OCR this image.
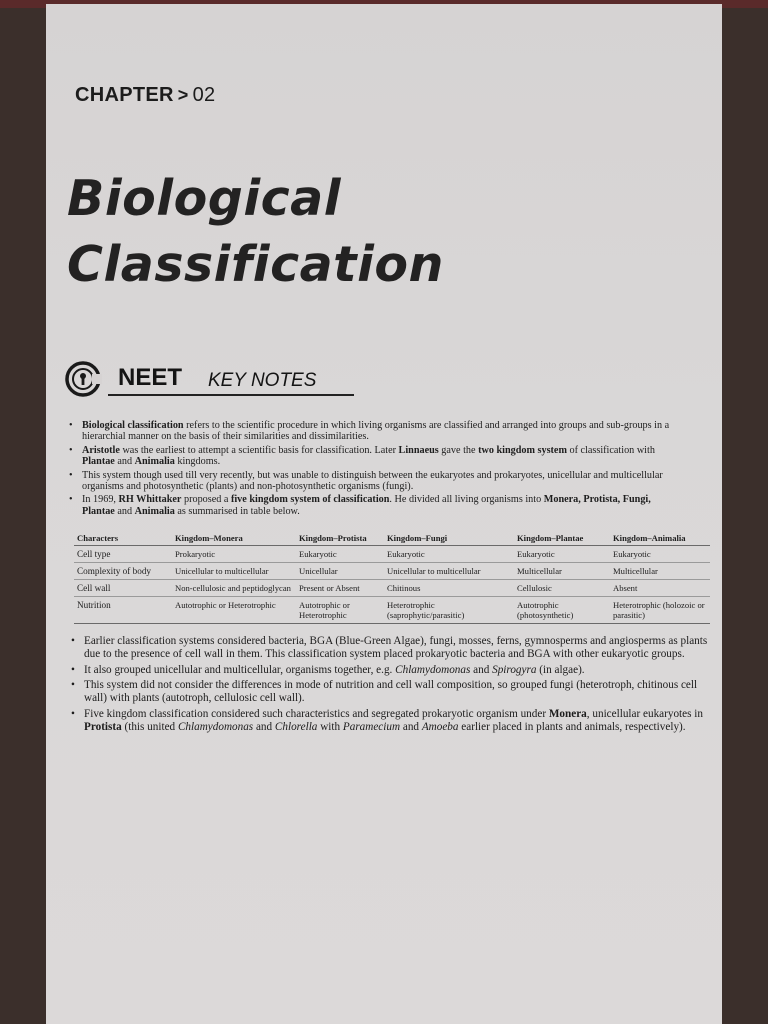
CHAPTER > 02
Biological
Classification
NEET KEY NOTES
• Biological classification refers to the scientific procedure in which living organisms are classified and arranged into groups and sub-groups in a hierarchial manner on the basis of their similarities and dissimilarities.
• Aristotle was the earliest to attempt a scientific basis for classification. Later Linnaeus gave the two kingdom system of classification with Plantae and Animalia kingdoms.
• This system though used till very recently, but was unable to distinguish between the eukaryotes and prokaryotes, unicellular and multicellular organisms and photosynthetic (plants) and non-photosynthetic organisms (fungi).
• In 1969, RH Whittaker proposed a five kingdom system of classification. He divided all living organisms into Monera, Protista, Fungi, Plantae and Animalia as summarised in table below.
Characters	Kingdom–Monera	Kingdom–Protista	Kingdom–Fungi	Kingdom–Plantae	Kingdom–Animalia
Cell type	Prokaryotic	Eukaryotic	Eukaryotic	Eukaryotic	Eukaryotic
Complexity of body	Unicellular to multicellular	Unicellular	Unicellular to multicellular	Multicellular	Multicellular
Cell wall	Non-cellulosic and peptidoglycan	Present or Absent	Chitinous	Cellulosic	Absent
Nutrition	Autotrophic or Heterotrophic	Autotrophic or Heterotrophic	Heterotrophic (saprophytic/parasitic)	Autotrophic (photosynthetic)	Heterotrophic (holozoic or parasitic)
• Earlier classification systems considered bacteria, BGA (Blue-Green Algae), fungi, mosses, ferns, gymnosperms and angiosperms as plants due to the presence of cell wall in them. This classification system placed prokaryotic bacteria and BGA with other eukaryotic groups.
• It also grouped unicellular and multicellular, organisms together, e.g. Chlamydomonas and Spirogyra (in algae).
• This system did not consider the differences in mode of nutrition and cell wall composition, so grouped fungi (heterotroph, chitinous cell wall) with plants (autotroph, cellulosic cell wall).
• Five kingdom classification considered such characteristics and segregated prokaryotic organism under Monera, unicellular eukaryotes in Protista (this united Chlamydomonas and Chlorella with Paramecium and Amoeba earlier placed in plants and animals, respectively).
